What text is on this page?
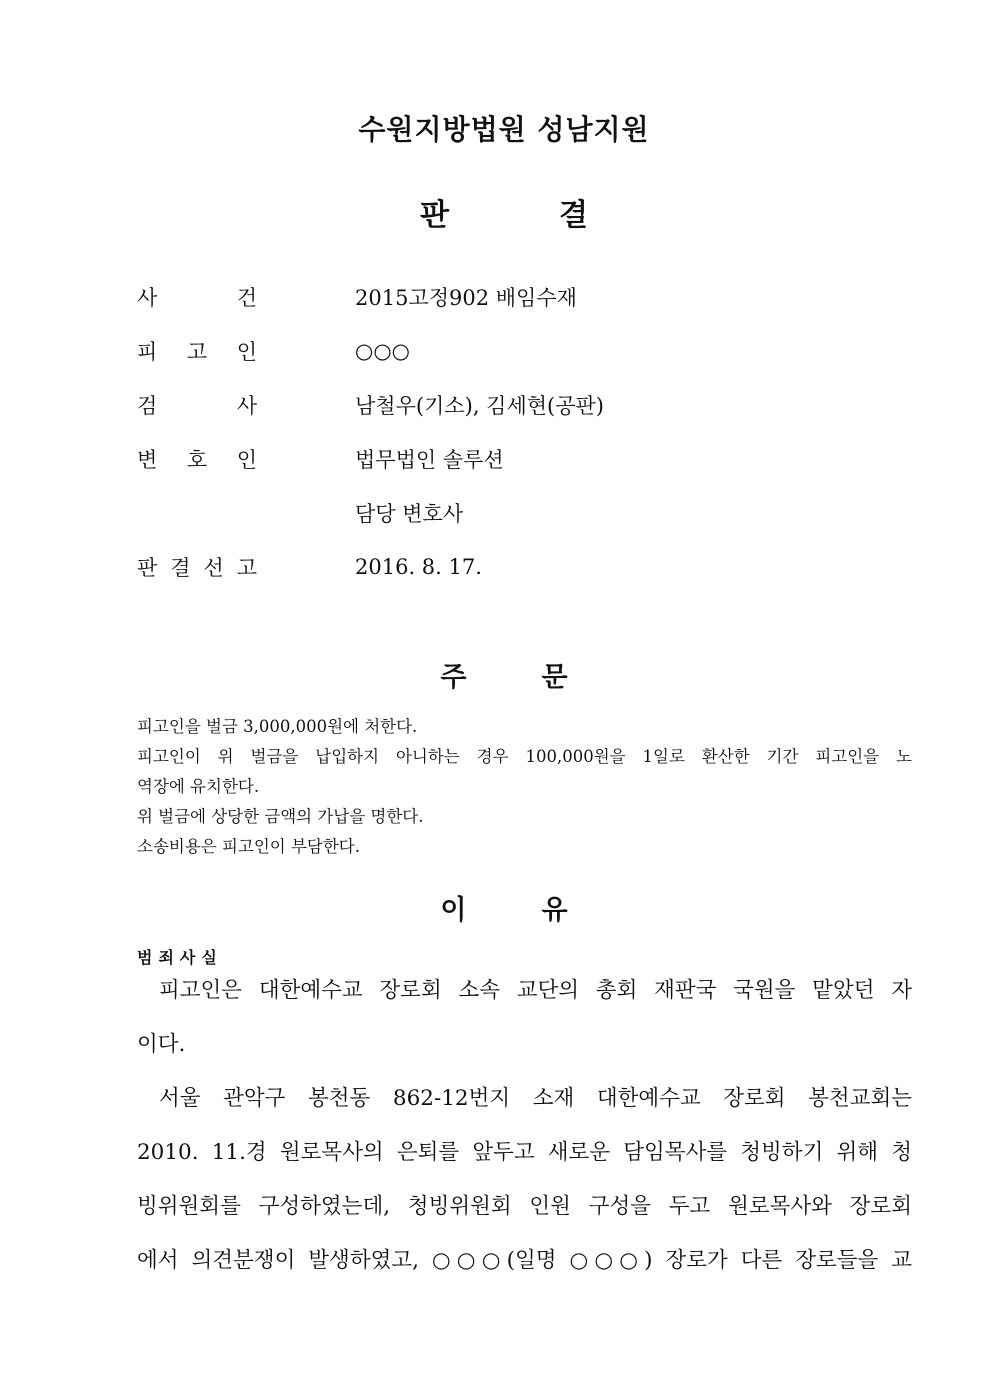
수원지방법원 성남지원
판	결
사	건	2015고정902 배임수재
피 고 인	○○○
검	사	남철우(기소), 김세현(공판)
변 호 인	법무법인 솔루션
담당 변호사
판 결 선 고	2016. 8. 17.
주	문

피고인을 벌금 3,000,000원에 처한다.

피고인이 위 벌금을 납입하지 아니하는 경우 100,000원을 1일로 환산한 기간 피고인을 노

역장에 유치한다.

위 벌금에 상당한 금액의 가납을 명한다.

소송비용은 피고인이 부담한다.

이	유
범죄사실
피고인은 대한예수교 장로회 소속 교단의 총회 재판국 국원을 맡았던 자
이다.
서울 관악구 봉천동 862-12번지 소재 대한예수교 장로회 봉천교회는
2010. 11.경 원로목사의 은퇴를 앞두고 새로운 담임목사를 청빙하기 위해 청
빙위원회를 구성하였는데, 청빙위원회 인원 구성을 두고 원로목사와 장로회
에서 의견분쟁이 발생하였고, ○○○(일명 ○○○) 장로가 다른 장로들을 교
